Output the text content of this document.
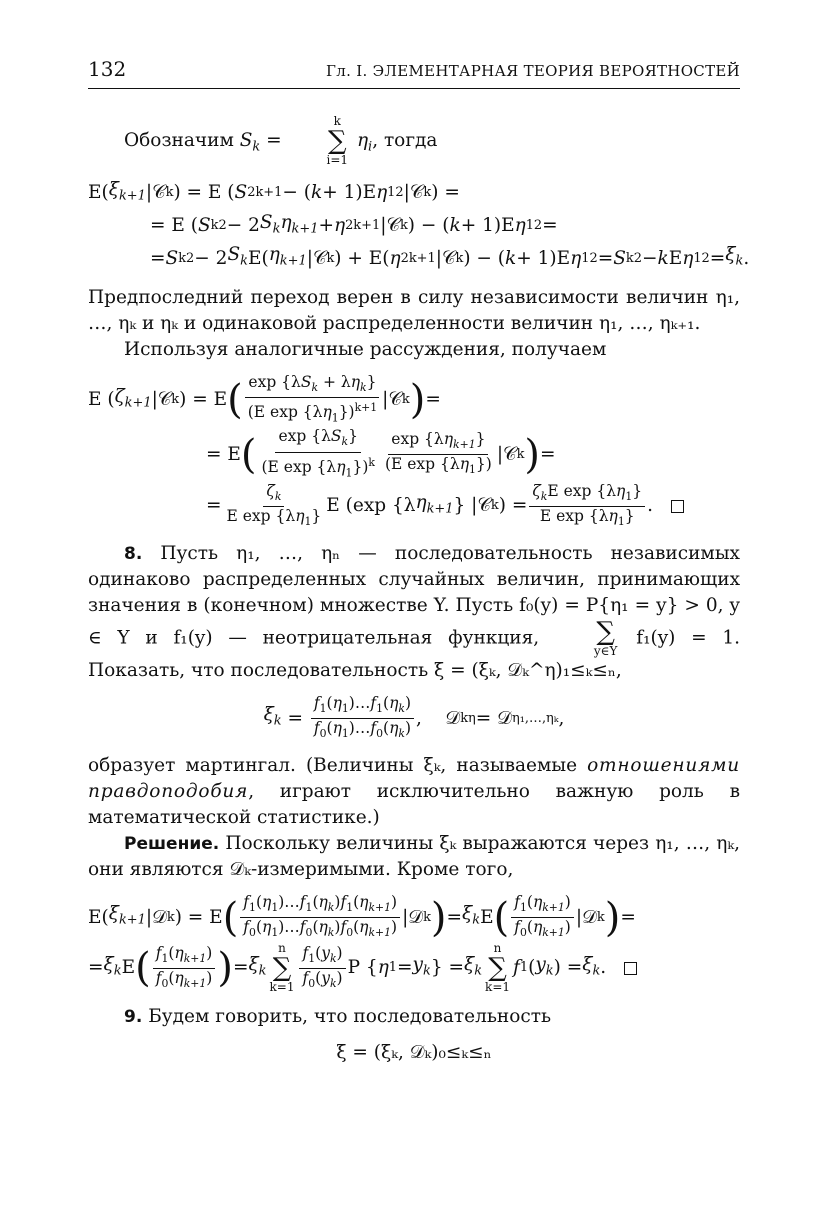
132	Гл. I. ЭЛЕМЕНТАРНАЯ ТЕОРИЯ ВЕРОЯТНОСТЕЙ

Обозначим $S_k$ =
k
∑
i=1
$\eta_i$, тогда

E( $\xi_{k+1}$ |𝒞 k ) = E ( S 2 k+1 − ( k + 1)E η 1 2 |𝒞 k ) =
= E ( S k 2 − 2 $S_k\eta_{k+1} + \eta$ 2 k+1 |𝒞 k ) − ( k + 1)E η 1 2 =
= S k 2 − 2 $S_k$ E( $\eta_{k+1}$ |𝒞 k ) + E( η 2 k+1 |𝒞 k ) − ( k + 1)E η 1 2 = S k 2 − k E η 1 $2 = \xi_k$ .

Предпоследний переход верен в силу независимости величин η₁, …, ηₖ и ηₖ и одинаковой распределенности величин η₁, …, ηₖ₊₁.

Используя аналогичные рассуждения, получаем

E ( $\zeta_{k+1}$ |𝒞 k ) = E ( $\frac{\exp \{\lambda S_k + \lambda\eta_k\}}{(E \exp \{\lambda\eta_1\})^{k+1}}$ |𝒞 k ) =
= E ( $\frac{\exp \{\lambda S_k\}}{(E \exp \{\lambda\eta_1\})^k} \frac{\exp \{\lambda\eta_{k+1}\}}{(E \exp \{\lambda\eta_1\})}$ |𝒞 k ) =
= $\frac{\zeta_k}{E \exp \{\lambda\eta_1\}}$ E (exp {λ $\eta_{k+1}$ } |𝒞 k ) = $\frac{\zeta_kE \exp \{\lambda\eta_1\}}{E \exp \{\lambda\eta_1\}}$ .

8. Пусть η₁, …, ηₙ — последовательность независимых одинаково распределенных случайных величин, принимающих значения в (конечном) множестве Y. Пусть f₀(y) = P{η₁ = y} > 0, y ∈ Y и f₁(y) — неотрицательная функция,	∑
y∈Y
f₁(y) = 1. Показать, что последовательность ξ = (ξₖ, 𝒟ₖ^η)₁≤ₖ≤ₙ,

$\xi_k = \frac{f_1(\eta_1)\dots f_1(\eta_k)}{f_0(\eta_1)\dots f_0(\eta_k)}$ ,    𝒟 k η = 𝒟 η₁,…,ηₖ ,

образует мартингал. (Величины ξₖ, называемые отношениями правдоподобия, играют исключительно важную роль в математической статистике.)

Решение. Поскольку величины ξₖ выражаются через η₁, …, ηₖ, они являются 𝒟ₖ-измеримыми. Кроме того,

E( $\xi_{k+1}$ |𝒟 k ) = E ( $\frac{f_1(\eta_1)\dots f_1(\eta_k)f_1(\eta_{k+1})}{f_0(\eta_1)\dots f_0(\eta_k)f_0(\eta_{k+1})}$ |𝒟 k ) = $\xi_k$ E ( $\frac{f_1(\eta_{k+1})}{f_0(\eta_{k+1})}$ |𝒟 k ) =
= $\xi_k$ E ( $\frac{f_1(\eta_{k+1})}{f_0(\eta_{k+1})}$ ) = $\xi_k$
n
∑
$k=1 \frac{f_1(y_k)}{f_0(y_k)}$ P { η $1 = y_k$ } = $\xi_k$
n
∑
k=1
f 1 ( $y_k$ ) = $\xi_k$ .

9. Будем говорить, что последовательность

ξ = (ξₖ, 𝒟ₖ)₀≤ₖ≤ₙ
